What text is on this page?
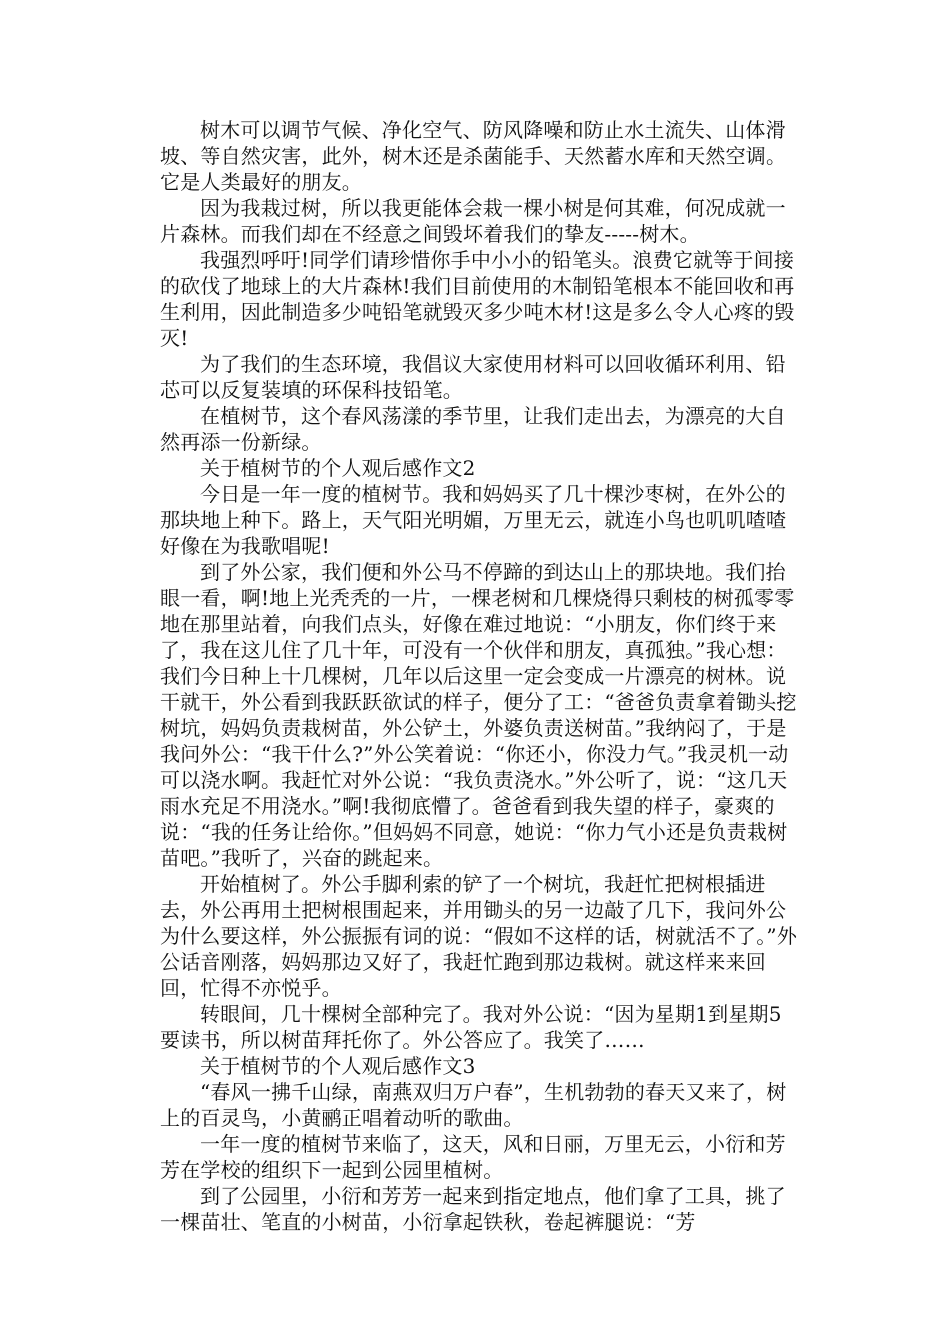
树木可以调节气候、净化空气、防风降噪和防止水土流失、山体滑坡、等自然灾害，此外，树木还是杀菌能手、天然蓄水库和天然空调。它是人类最好的朋友。

因为我栽过树，所以我更能体会栽一棵小树是何其难，何况成就一片森林。而我们却在不经意之间毁坏着我们的挚友-----树木。

我强烈呼吁!同学们请珍惜你手中小小的铅笔头。浪费它就等于间接的砍伐了地球上的大片森林!我们目前使用的木制铅笔根本不能回收和再生利用，因此制造多少吨铅笔就毁灭多少吨木材!这是多么令人心疼的毁灭!

为了我们的生态环境，我倡议大家使用材料可以回收循环利用、铅芯可以反复装填的环保科技铅笔。

在植树节，这个春风荡漾的季节里，让我们走出去，为漂亮的大自然再添一份新绿。

关于植树节的个人观后感作文2

今日是一年一度的植树节。我和妈妈买了几十棵沙枣树，在外公的那块地上种下。路上，天气阳光明媚，万里无云，就连小鸟也叽叽喳喳好像在为我歌唱呢!

到了外公家，我们便和外公马不停蹄的到达山上的那块地。我们抬眼一看，啊!地上光秃秃的一片，一棵老树和几棵烧得只剩枝的树孤零零地在那里站着，向我们点头，好像在难过地说：“小朋友，你们终于来了，我在这儿住了几十年，可没有一个伙伴和朋友，真孤独。”我心想：我们今日种上十几棵树，几年以后这里一定会变成一片漂亮的树林。说干就干，外公看到我跃跃欲试的样子，便分了工：“爸爸负责拿着锄头挖树坑，妈妈负责栽树苗，外公铲土，外婆负责送树苗。”我纳闷了，于是我问外公：“我干什么?”外公笑着说：“你还小，你没力气。”我灵机一动可以浇水啊。我赶忙对外公说：“我负责浇水。”外公听了，说：“这几天雨水充足不用浇水。”啊!我彻底懵了。爸爸看到我失望的样子，豪爽的说：“我的任务让给你。”但妈妈不同意，她说：“你力气小还是负责栽树苗吧。”我听了，兴奋的跳起来。

开始植树了。外公手脚利索的铲了一个树坑，我赶忙把树根插进去，外公再用土把树根围起来，并用锄头的另一边敲了几下，我问外公为什么要这样，外公振振有词的说：“假如不这样的话，树就活不了。”外公话音刚落，妈妈那边又好了，我赶忙跑到那边栽树。就这样来来回回，忙得不亦悦乎。

转眼间，几十棵树全部种完了。我对外公说：“因为星期1到星期5要读书，所以树苗拜托你了。外公答应了。我笑了……

关于植树节的个人观后感作文3

“春风一拂千山绿，南燕双归万户春”，生机勃勃的春天又来了，树上的百灵鸟，小黄鹂正唱着动听的歌曲。

一年一度的植树节来临了，这天，风和日丽，万里无云，小衍和芳芳在学校的组织下一起到公园里植树。

到了公园里，小衍和芳芳一起来到指定地点，他们拿了工具，挑了一棵苗壮、笔直的小树苗，小衍拿起铁秋，卷起裤腿说：“芳
